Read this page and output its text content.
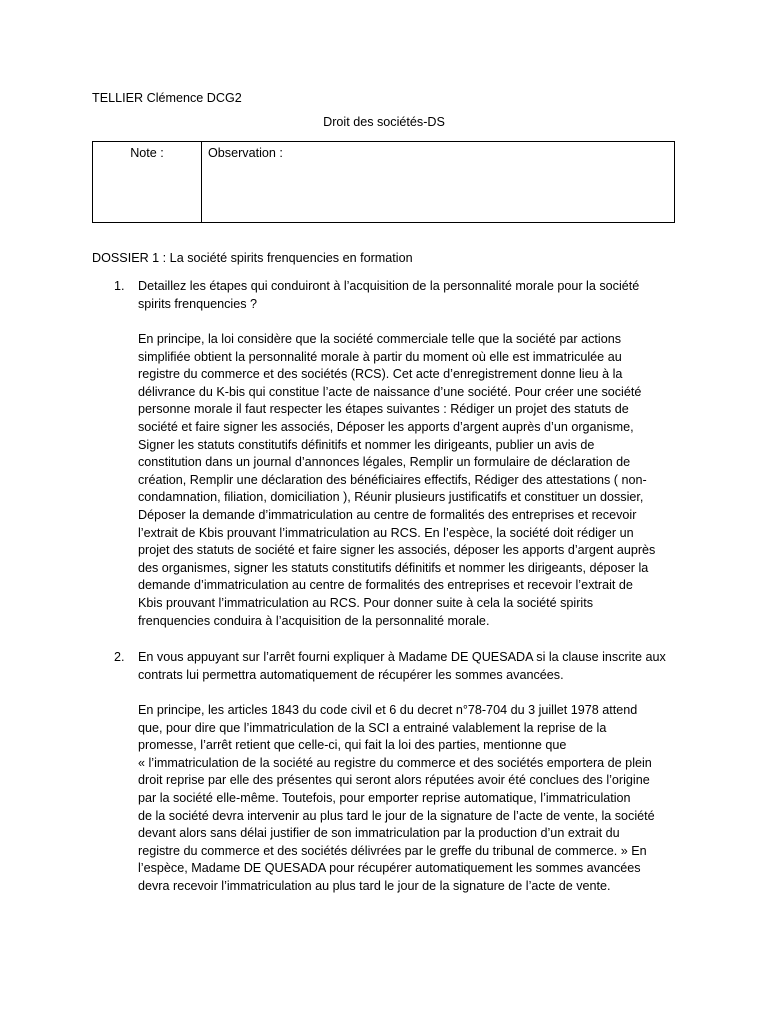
TELLIER Clémence DCG2
Droit des sociétés-DS
Note :	Observation :
DOSSIER 1 : La société spirits frenquencies en formation
1. Detaillez les étapes qui conduiront à l’acquisition de la personnalité morale pour la société
spirits frenquencies ?
En principe, la loi considère que la société commerciale telle que la société par actions
simplifiée obtient la personnalité morale à partir du moment où elle est immatriculée au
registre du commerce et des sociétés (RCS). Cet acte d’enregistrement donne lieu à la
délivrance du K-bis qui constitue l’acte de naissance d’une société. Pour créer une société
personne morale il faut respecter les étapes suivantes : Rédiger un projet des statuts de
société et faire signer les associés, Déposer les apports d’argent auprès d’un organisme,
Signer les statuts constitutifs définitifs et nommer les dirigeants, publier un avis de
constitution dans un journal d’annonces légales, Remplir un formulaire de déclaration de
création, Remplir une déclaration des bénéficiaires effectifs, Rédiger des attestations ( non-
condamnation, filiation, domiciliation ), Réunir plusieurs justificatifs et constituer un dossier,
Déposer la demande d’immatriculation au centre de formalités des entreprises et recevoir
l’extrait de Kbis prouvant l’immatriculation au RCS. En l’espèce, la société doit rédiger un
projet des statuts de société et faire signer les associés, déposer les apports d’argent auprès
des organismes, signer les statuts constitutifs définitifs et nommer les dirigeants, déposer la
demande d’immatriculation au centre de formalités des entreprises et recevoir l’extrait de
Kbis prouvant l’immatriculation au RCS. Pour donner suite à cela la société spirits
frenquencies conduira à l’acquisition de la personnalité morale.
2. En vous appuyant sur l’arrêt fourni expliquer à Madame DE QUESADA si la clause inscrite aux
contrats lui permettra automatiquement de récupérer les sommes avancées.
En principe, les articles 1843 du code civil et 6 du decret n°78-704 du 3 juillet 1978 attend
que, pour dire que l’immatriculation de la SCI a entrainé valablement la reprise de la
promesse, l’arrêt retient que celle-ci, qui fait la loi des parties, mentionne que
« l’immatriculation de la société au registre du commerce et des sociétés emportera de plein
droit reprise par elle des présentes qui seront alors réputées avoir été conclues des l’origine
par la société elle-même. Toutefois, pour emporter reprise automatique, l’immatriculation
de la société devra intervenir au plus tard le jour de la signature de l’acte de vente, la société
devant alors sans délai justifier de son immatriculation par la production d’un extrait du
registre du commerce et des sociétés délivrées par le greffe du tribunal de commerce. » En
l’espèce, Madame DE QUESADA pour récupérer automatiquement les sommes avancées
devra recevoir l’immatriculation au plus tard le jour de la signature de l’acte de vente.
